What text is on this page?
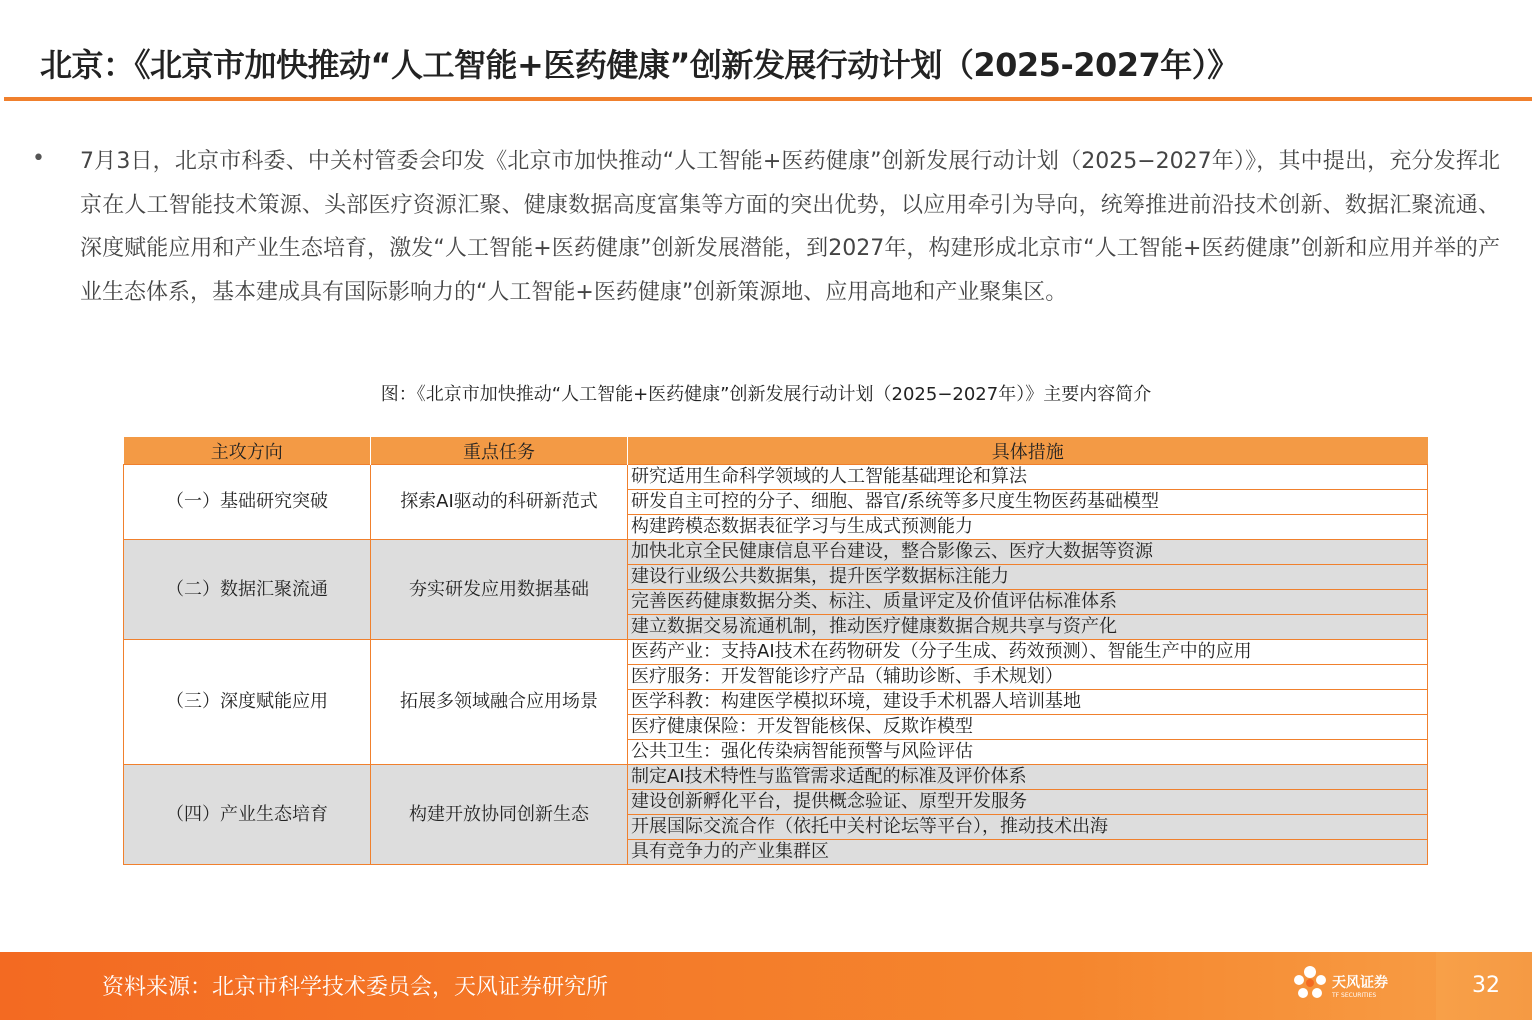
北京：《北京市加快推动“人工智能+医药健康”创新发展行动计划（2025-2027年）》
• 7月3日，北京市科委、中关村管委会印发《北京市加快推动“人工智能+医药健康”创新发展行动计划（2025−2027年）》，其中提出，充分发挥北京在人工智能技术策源、头部医疗资源汇聚、健康数据高度富集等方面的突出优势，以应用牵引为导向，统筹推进前沿技术创新、数据汇聚流通、深度赋能应用和产业生态培育，激发“人工智能+医药健康”创新发展潜能，到2027年，构建形成北京市“人工智能+医药健康”创新和应用并举的产业生态体系，基本建成具有国际影响力的“人工智能+医药健康”创新策源地、应用高地和产业聚集区。
图：《北京市加快推动“人工智能+医药健康”创新发展行动计划（2025−2027年）》主要内容简介
主攻方向	重点任务	具体措施
（一）基础研究突破	探索AI驱动的科研新范式	研究适用生命科学领域的人工智能基础理论和算法
		研发自主可控的分子、细胞、器官/系统等多尺度生物医药基础模型
		构建跨模态数据表征学习与生成式预测能力
（二）数据汇聚流通	夯实研发应用数据基础	加快北京全民健康信息平台建设，整合影像云、医疗大数据等资源
		建设行业级公共数据集，提升医学数据标注能力
		完善医药健康数据分类、标注、质量评定及价值评估标准体系
		建立数据交易流通机制，推动医疗健康数据合规共享与资产化
（三）深度赋能应用	拓展多领域融合应用场景	医药产业：支持AI技术在药物研发（分子生成、药效预测）、智能生产中的应用
		医疗服务：开发智能诊疗产品（辅助诊断、手术规划）
		医学科教：构建医学模拟环境，建设手术机器人培训基地
		医疗健康保险：开发智能核保、反欺诈模型
		公共卫生：强化传染病智能预警与风险评估
（四）产业生态培育	构建开放协同创新生态	制定AI技术特性与监管需求适配的标准及评价体系
		建设创新孵化平台，提供概念验证、原型开发服务
		开展国际交流合作（依托中关村论坛等平台），推动技术出海
		具有竞争力的产业集群区
资料来源：北京市科学技术委员会，天风证券研究所	天风证券
TF SECURITIES	32
